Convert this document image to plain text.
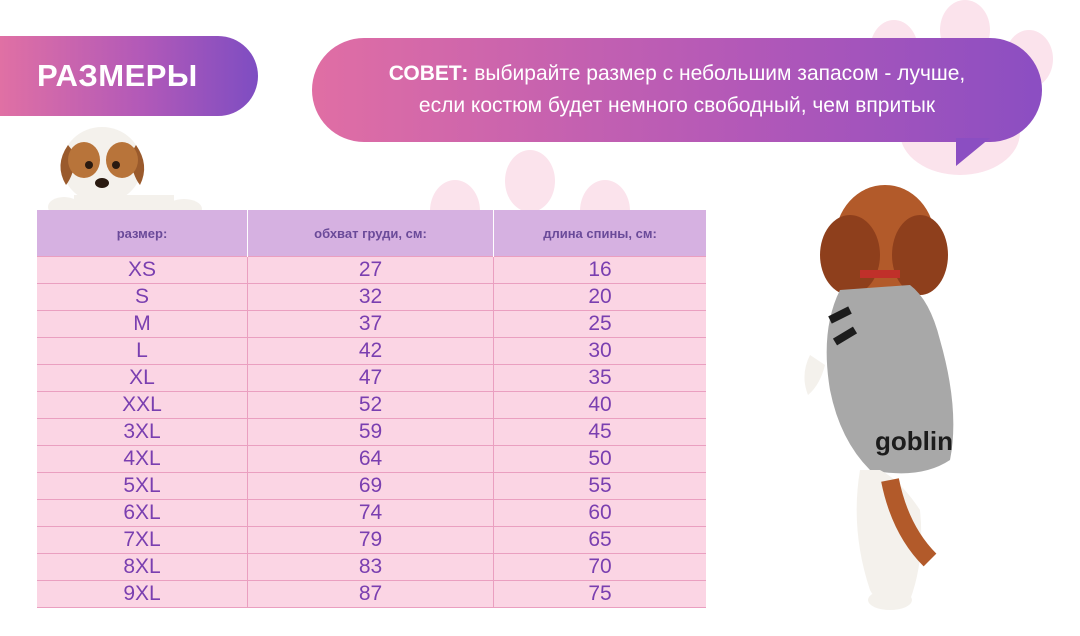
РАЗМЕРЫ	СОВЕТ: выбирайте размер с небольшим запасом - лучше,
если костюм будет немного свободный, чем впритык
размер:	обхват груди, см:	длина спины, см:
XS	27	16
S	32	20
M	37	25
L	42	30
XL	47	35
XXL	52	40
3XL	59	45
4XL	64	50
5XL	69	55
6XL	74	60
7XL	79	65
8XL	83	70
9XL	87	75
goblin
